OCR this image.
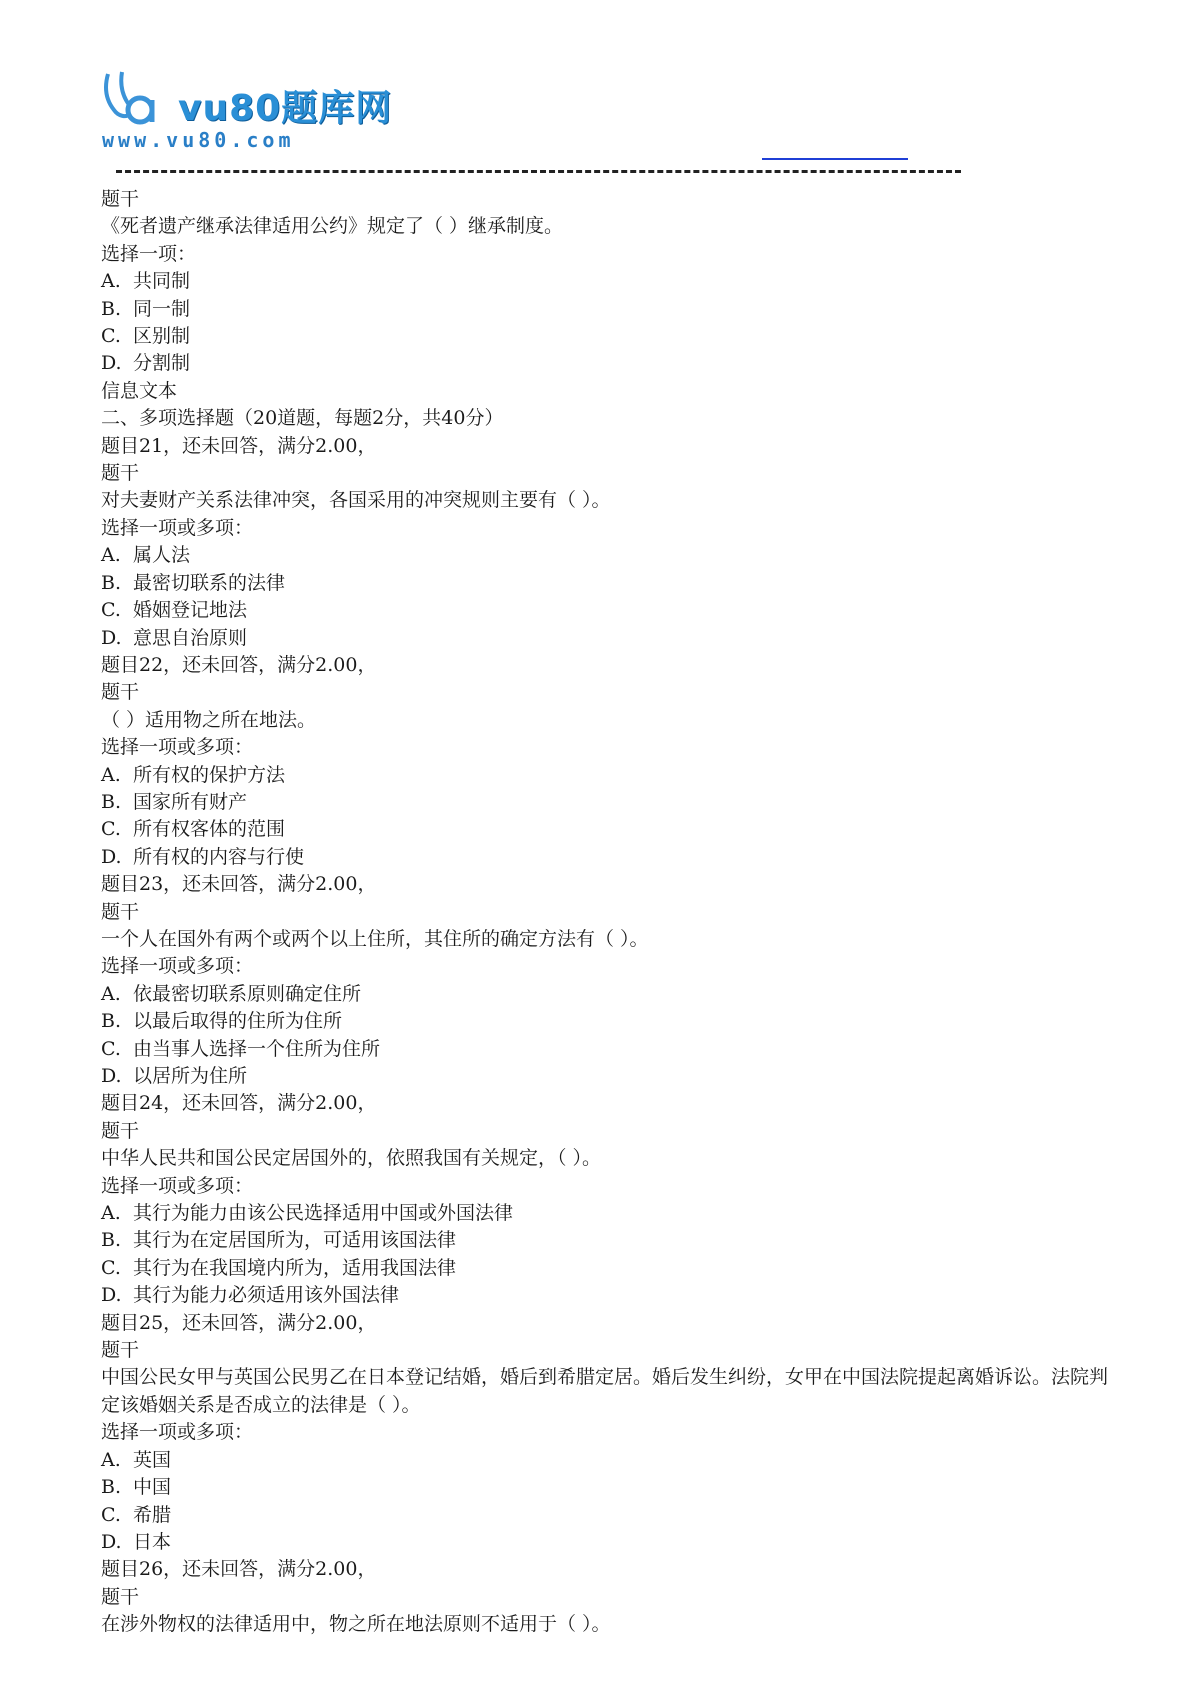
vu80题库网
www.vu80.com
题干
《死者遗产继承法律适用公约》规定了（ ）继承制度。
选择一项：
A. 共同制
B. 同一制
C. 区别制
D. 分割制
信息文本
二、多项选择题（20道题，每题2分，共40分）
题目21，还未回答，满分2.00，
题干
对夫妻财产关系法律冲突，各国采用的冲突规则主要有（ ）。
选择一项或多项：
A. 属人法
B. 最密切联系的法律
C. 婚姻登记地法
D. 意思自治原则
题目22，还未回答，满分2.00，
题干
（ ）适用物之所在地法。
选择一项或多项：
A. 所有权的保护方法
B. 国家所有财产
C. 所有权客体的范围
D. 所有权的内容与行使
题目23，还未回答，满分2.00，
题干
一个人在国外有两个或两个以上住所，其住所的确定方法有（ ）。
选择一项或多项：
A. 依最密切联系原则确定住所
B. 以最后取得的住所为住所
C. 由当事人选择一个住所为住所
D. 以居所为住所
题目24，还未回答，满分2.00，
题干
中华人民共和国公民定居国外的，依照我国有关规定，（ ）。
选择一项或多项：
A. 其行为能力由该公民选择适用中国或外国法律
B. 其行为在定居国所为，可适用该国法律
C. 其行为在我国境内所为，适用我国法律
D. 其行为能力必须适用该外国法律
题目25，还未回答，满分2.00，
题干
中国公民女甲与英国公民男乙在日本登记结婚，婚后到希腊定居。婚后发生纠纷，女甲在中国法院提起离婚诉讼。法院判定该婚姻关系是否成立的法律是（ ）。
选择一项或多项：
A. 英国
B. 中国
C. 希腊
D. 日本
题目26，还未回答，满分2.00，
题干
在涉外物权的法律适用中，物之所在地法原则不适用于（ ）。
